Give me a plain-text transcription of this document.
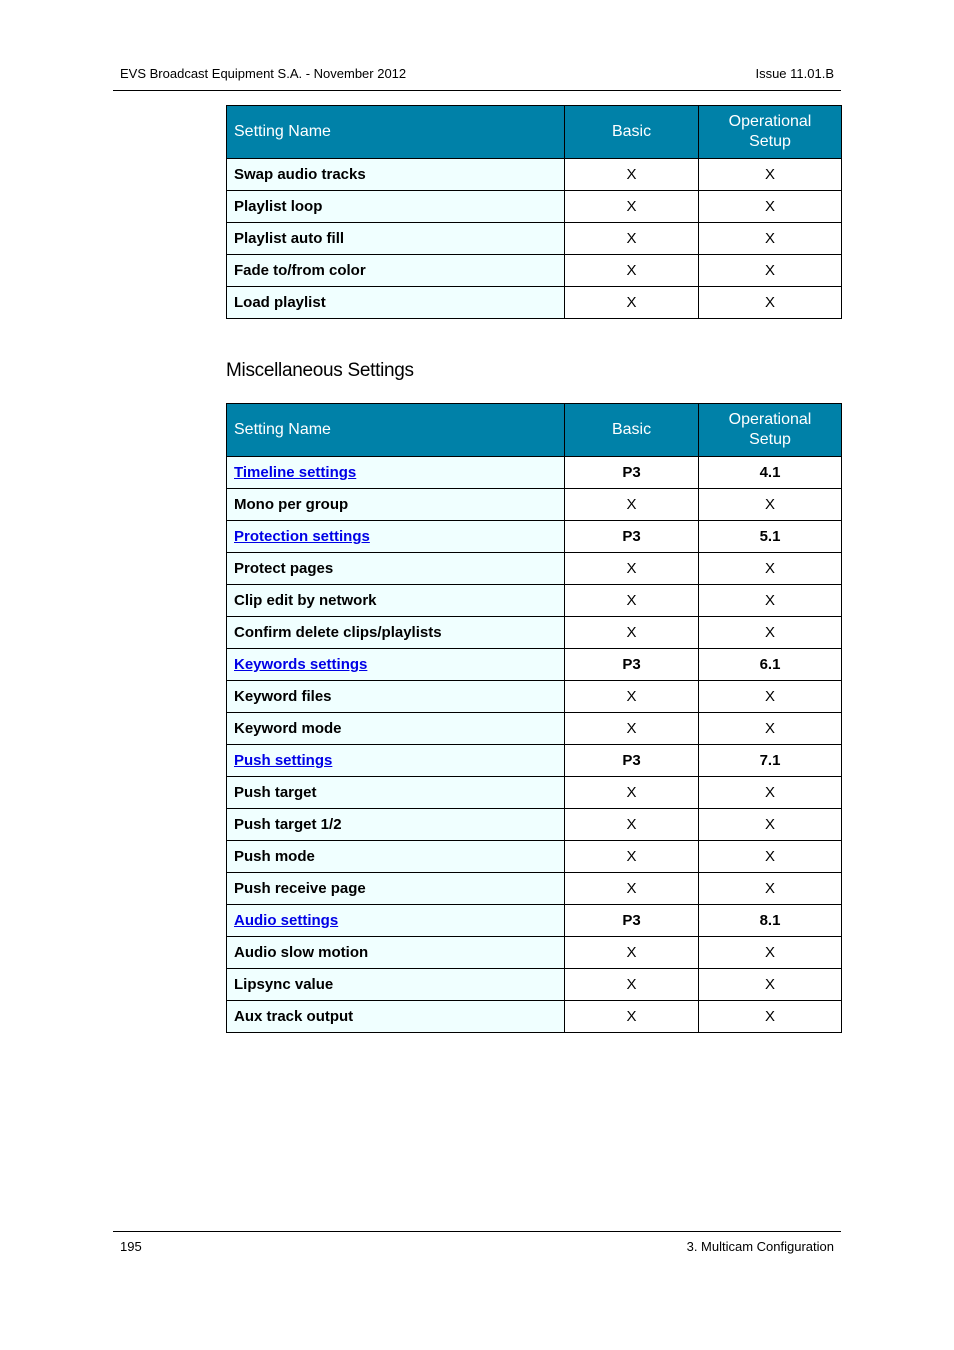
EVS Broadcast Equipment S.A. - November 2012	Issue 11.01.B
Setting Name	Basic	Operational
Setup
Swap audio tracks	X	X
Playlist loop	X	X
Playlist auto fill	X	X
Fade to/from color	X	X
Load playlist	X	X
Miscellaneous Settings
Setting Name	Basic	Operational
Setup
Timeline settings	P3	4.1
Mono per group	X	X
Protection settings	P3	5.1
Protect pages	X	X
Clip edit by network	X	X
Confirm delete clips/playlists	X	X
Keywords settings	P3	6.1
Keyword files	X	X
Keyword mode	X	X
Push settings	P3	7.1
Push target	X	X
Push target 1/2	X	X
Push mode	X	X
Push receive page	X	X
Audio settings	P3	8.1
Audio slow motion	X	X
Lipsync value	X	X
Aux track output	X	X
195	3. Multicam Configuration
